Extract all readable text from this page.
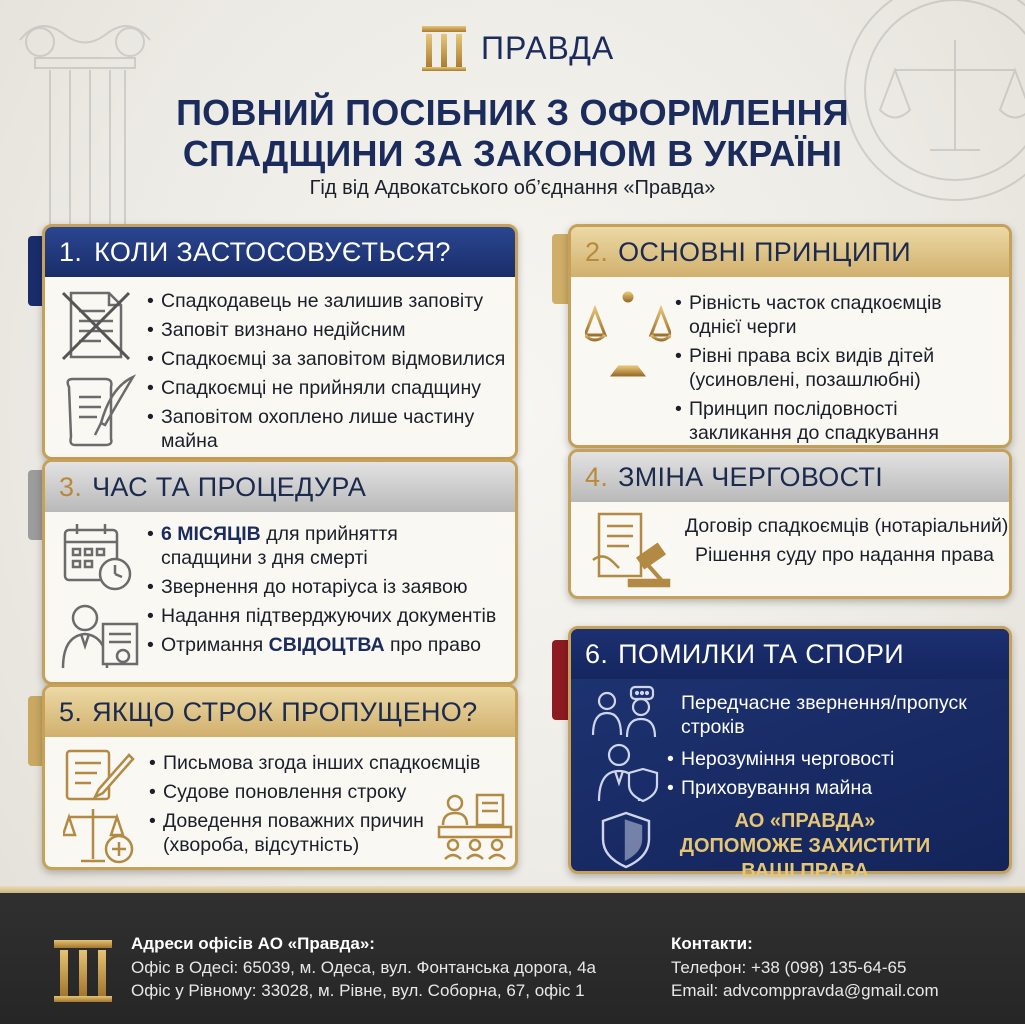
ПРАВДА
ПОВНИЙ ПОСІБНИК З ОФОРМЛЕННЯ
СПАДЩИНИ ЗА ЗАКОНОМ В УКРАЇНІ
Гід від Адвокатського об’єднання «Правда»
1. КОЛИ ЗАСТОСОВУЄТЬСЯ?
• Спадкодавець не залишив заповіту
• Заповіт визнано недійсним
• Спадкоємці за заповітом відмовилися
• Спадкоємці не прийняли спадщину
• Заповітом охоплено лише частину майна
2. ОСНОВНІ ПРИНЦИПИ
• Рівність часток спадкоємців однієї черги
• Рівні права всіх видів дітей (усиновлені, позашлюбні)
• Принцип послідовності закликання до спадкування
3. ЧАС ТА ПРОЦЕДУРА
• 6 МІСЯЦІВ для прийняття спадщини з дня смерті
• Звернення до нотаріуса із заявою
• Надання підтверджуючих документів
• Отримання СВІДОЦТВА про право
4. ЗМІНА ЧЕРГОВОСТІ
Договір спадкоємців (нотаріальний)
Рішення суду про надання права
5. ЯКЩО СТРОК ПРОПУЩЕНО?
• Письмова згода інших спадкоємців
• Судове поновлення строку
• Доведення поважних причин (хвороба, відсутність)
6. ПОМИЛКИ ТА СПОРИ
Передчасне звернення/пропуск строків
• Нерозуміння черговості
• Приховування майна
АО «ПРАВДА» ДОПОМОЖЕ ЗАХИСТИТИ ВАШІ ПРАВА
Адреси офісів АО «Правда»:
Офіс в Одесі: 65039, м. Одеса, вул. Фонтанська дорога, 4а
Офіс у Рівному: 33028, м. Рівне, вул. Соборна, 67, офіс 1
Контакти:
Телефон: +38 (098) 135-64-65
Email: advcomppravda@gmail.com
